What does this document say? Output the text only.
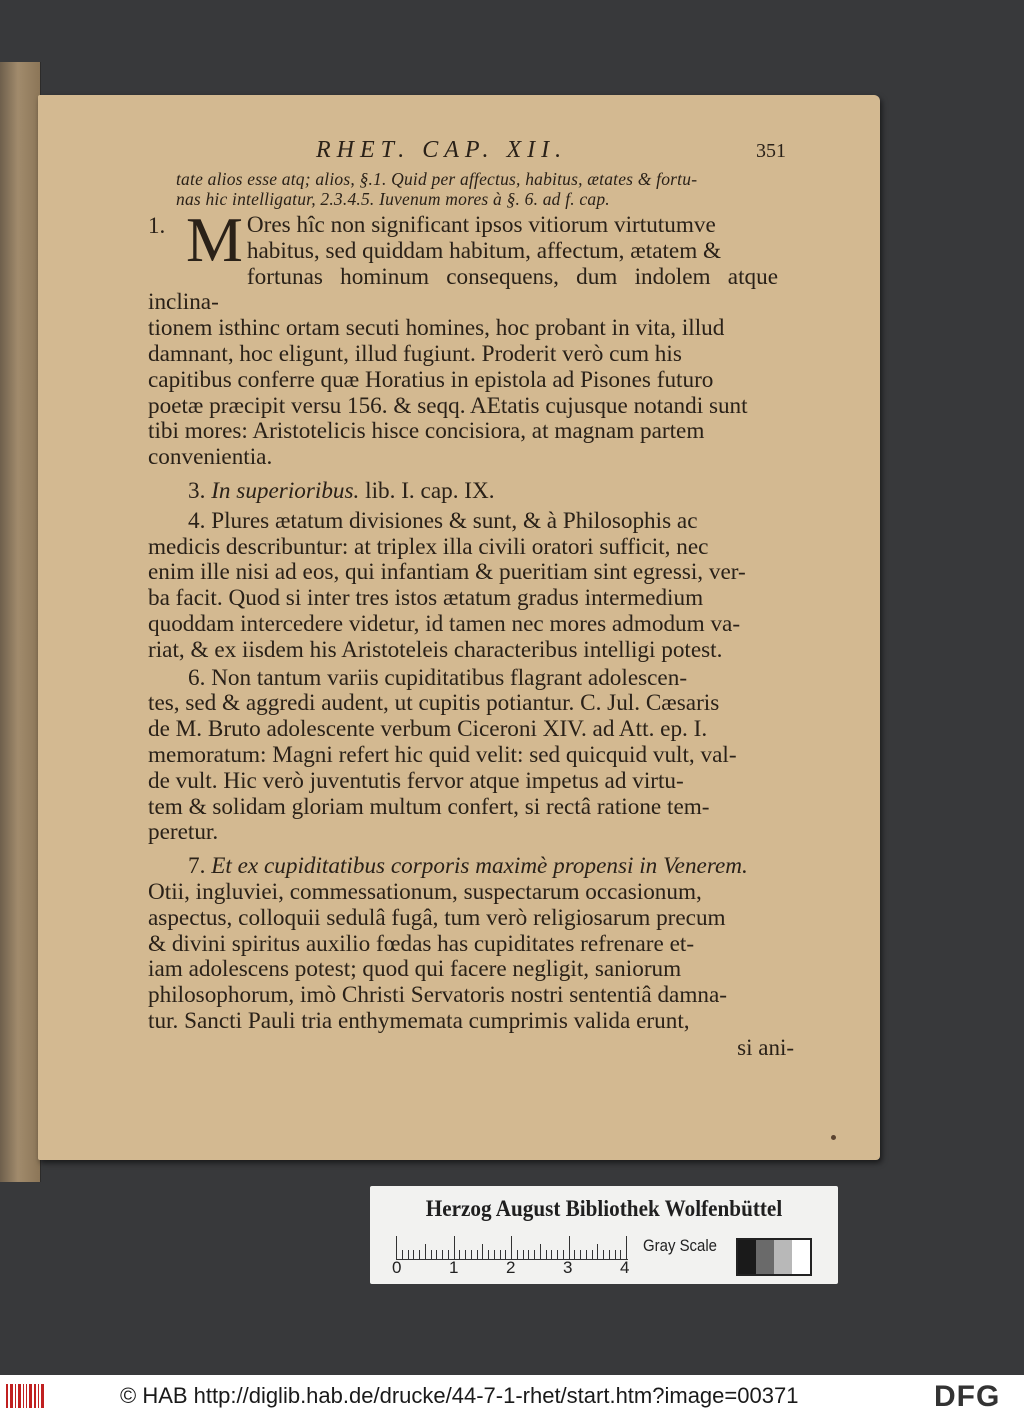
RHET. CAP. XII.	351
tate alios esse atq; alios, §.1. Quid per affectus, habitus, ætates & fortu-
nas hic intelligatur, 2.3.4.5. Iuvenum mores à §. 6. ad f. cap.
1. M Ores hîc non significant ipsos vitiorum virtutumve

habitus, sed quiddam habitum, affectum, ætatem &

fortunas hominum consequens, dum indolem atque inclina-

tionem isthinc ortam secuti homines, hoc probant in vita, illud

damnant, hoc eligunt, illud fugiunt. Proderit verò cum his

capitibus conferre quæ Horatius in epistola ad Pisones futuro

poetæ præcipit versu 156. & seqq. AEtatis cujusque notandi sunt

tibi mores: Aristotelicis hisce concisiora, at magnam partem

convenientia.

3. In superioribus. lib. I. cap. IX.

4. Plures ætatum divisiones & sunt, & à Philosophis ac

medicis describuntur: at triplex illa civili oratori sufficit, nec

enim ille nisi ad eos, qui infantiam & pueritiam sint egressi, ver-

ba facit. Quod si inter tres istos ætatum gradus intermedium

quoddam intercedere videtur, id tamen nec mores admodum va-

riat, & ex iisdem his Aristoteleis characteribus intelligi potest.

6. Non tantum variis cupiditatibus flagrant adolescen-

tes, sed & aggredi audent, ut cupitis potiantur. C. Jul. Cæsaris

de M. Bruto adolescente verbum Ciceroni XIV. ad Att. ep. I.

memoratum: Magni refert hic quid velit: sed quicquid vult, val-

de vult. Hic verò juventutis fervor atque impetus ad virtu-

tem & solidam gloriam multum confert, si rectâ ratione tem-

peretur.

7. Et ex cupiditatibus corporis maximè propensi in Venerem.

Otii, ingluviei, commessationum, suspectarum occasionum,

aspectus, colloquii sedulâ fugâ, tum verò religiosarum precum

& divini spiritus auxilio fœdas has cupiditates refrenare et-

iam adolescens potest; quod qui facere negligit, saniorum

philosophorum, imò Christi Servatoris nostri sententiâ damna-

tur. Sancti Pauli tria enthymemata cumprimis valida erunt,

si ani-
Herzog August Bibliothek Wolfenbüttel
0	1	2	3	4
Gray Scale
© HAB http://diglib.hab.de/drucke/44-7-1-rhet/start.htm?image=00371	DFG
